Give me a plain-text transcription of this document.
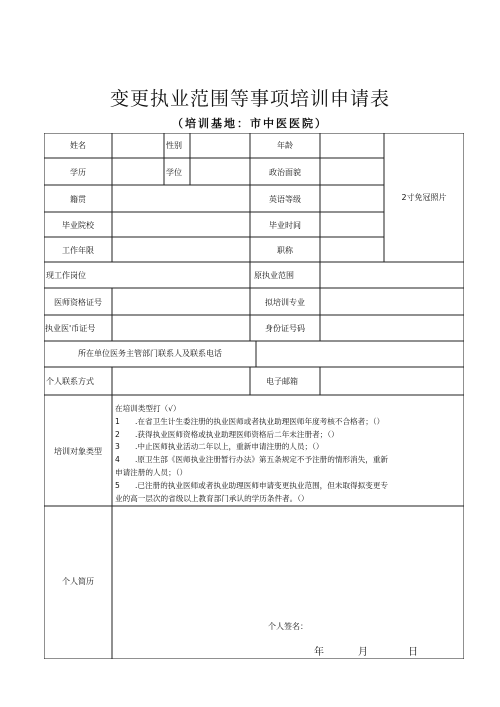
变更执业范围等事项培训申请表
（培训基地：市中医医院）
姓名	性别	年龄
2寸免冠照片
学历	学位	政治面貌
籍贯	英语等级
毕业院校	毕业时间
工作年限	职称
现工作岗位	原执业范围
医师资格证号	拟培训专业
执业医'币证号	身份证号码
所在单位医务主管部门联系人及联系电话
个人联系方式	电子邮箱
培训对象类型
在培训类型打（√）
1　　.在省卫生计生委注册的执业医师或者执业助理医师年度考核不合格者；（）
2　　.获得执业医师资格或执业助理医师资格后二年未注册者；（）
3　　.中止医师执业活动二年以上，重新申请注册的人员；（）
4　　.原卫生部《医师执业注册暂行办法》第五条规定不予注册的情形消失，重新
申请注册的人员；（）
5　　.已注册的执业医师或者执业助理医师申请变更执业范围，但未取得拟变更专
业的高一层次的省级以上教育部门承认的学历条件者。（）
个人简历
个人签名：
年	月	日
